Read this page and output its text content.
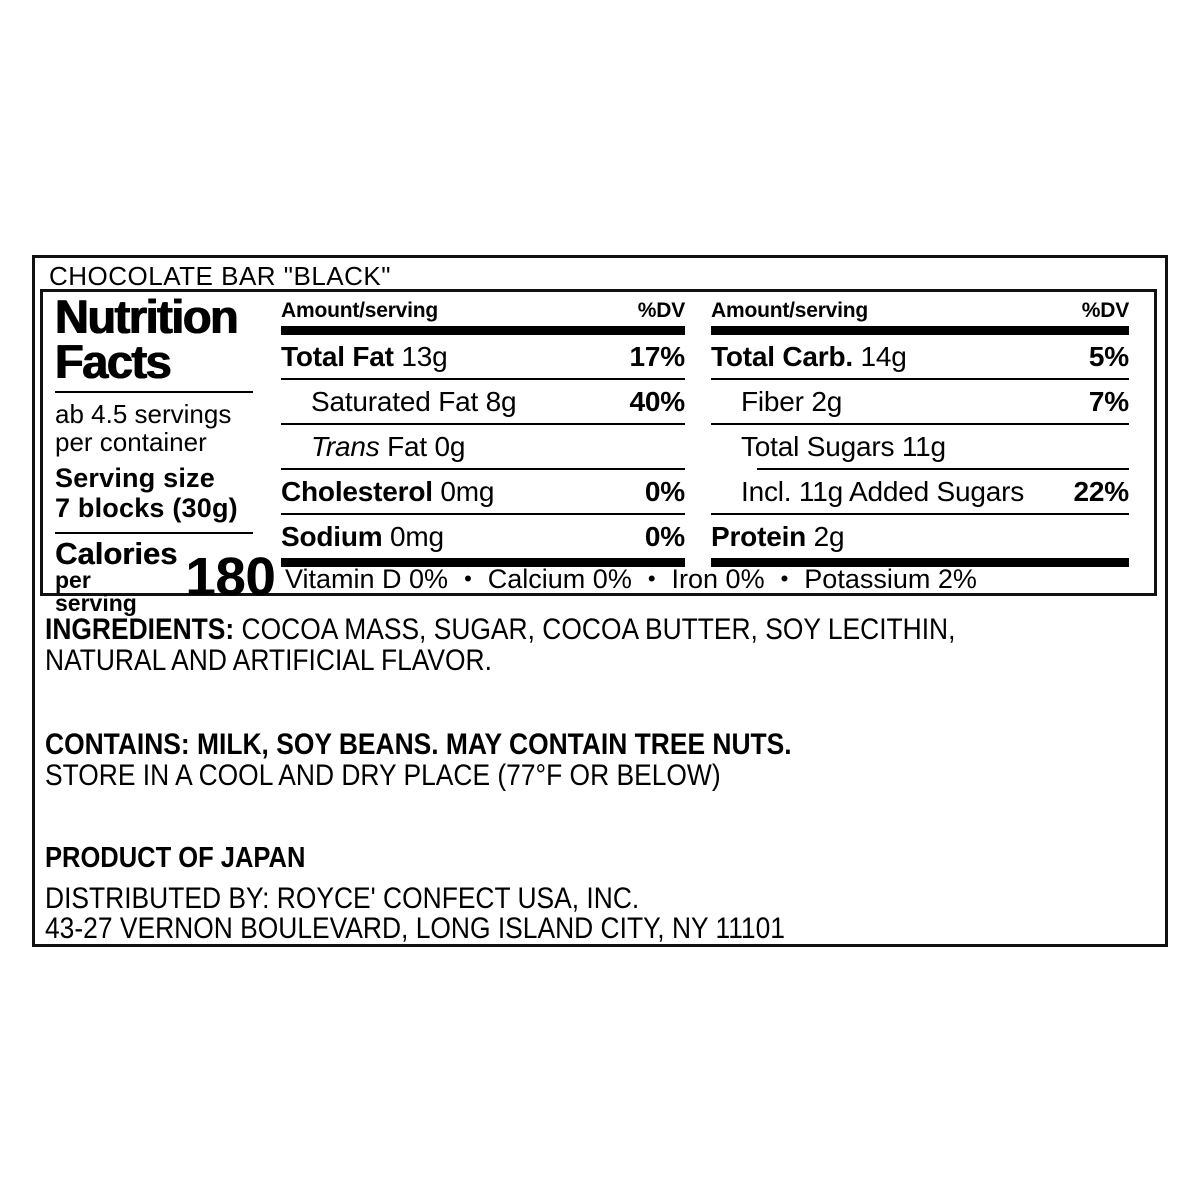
CHOCOLATE BAR "BLACK"
Nutrition
Facts
ab 4.5 servings
per container
Serving size
7 blocks (30g)
Calories
per serving 180
Amount/serving	%DV
Total Fat 13g	17%
Saturated Fat 8g	40%
Trans Fat 0g
Cholesterol 0mg	0%
Sodium 0mg	0%
Amount/serving	%DV
Total Carb. 14g	5%
Fiber 2g	7%
Total Sugars 11g
Incl. 11g Added Sugars 22%
Protein 2g
Vitamin D 0% • Calcium 0% • Iron 0% • Potassium 2%
INGREDIENTS: COCOA MASS, SUGAR, COCOA BUTTER, SOY LECITHIN,
NATURAL AND ARTIFICIAL FLAVOR.
CONTAINS: MILK, SOY BEANS. MAY CONTAIN TREE NUTS.
STORE IN A COOL AND DRY PLACE (77°F OR BELOW)
PRODUCT OF JAPAN
DISTRIBUTED BY: ROYCE' CONFECT USA, INC.
43-27 VERNON BOULEVARD, LONG ISLAND CITY, NY 11101
